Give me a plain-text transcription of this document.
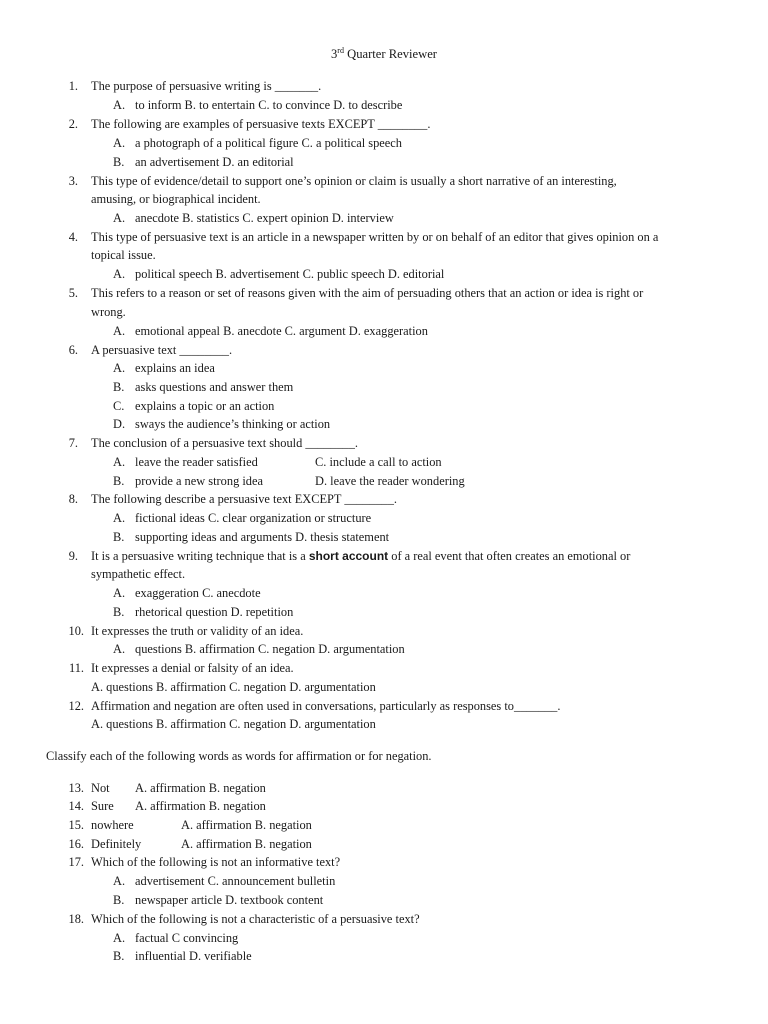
3rd Quarter Reviewer
1. The purpose of persuasive writing is _______.
A. to inform B. to entertain C. to convince D. to describe
2. The following are examples of persuasive texts EXCEPT ________.
A. a photograph of a political figure C. a political speech
B. an advertisement D. an editorial
3. This type of evidence/detail to support one’s opinion or claim is usually a short narrative of an interesting,
amusing, or biographical incident.
A. anecdote B. statistics C. expert opinion D. interview
4. This type of persuasive text is an article in a newspaper written by or on behalf of an editor that gives opinion on a
topical issue.
A. political speech B. advertisement C. public speech D. editorial
5. This refers to a reason or set of reasons given with the aim of persuading others that an action or idea is right or
wrong.
A. emotional appeal B. anecdote C. argument D. exaggeration
6. A persuasive text ________.
A. explains an idea
B. asks questions and answer them
C. explains a topic or an action
D. sways the audience’s thinking or action
7. The conclusion of a persuasive text should ________.
A. leave the reader satisfied	C. include a call to action
B. provide a new strong idea	D. leave the reader wondering
8. The following describe a persuasive text EXCEPT ________.
A. fictional ideas C. clear organization or structure
B. supporting ideas and arguments D. thesis statement
9. It is a persuasive writing technique that is a short account of a real event that often creates an emotional or
sympathetic effect.
A. exaggeration C. anecdote
B. rhetorical question D. repetition
10. It expresses the truth or validity of an idea.
A. questions B. affirmation C. negation D. argumentation
11. It expresses a denial or falsity of an idea.
A. questions B. affirmation C. negation D. argumentation
12. Affirmation and negation are often used in conversations, particularly as responses to_______.
A. questions B. affirmation C. negation D. argumentation
Classify each of the following words as words for affirmation or for negation.
13. Not A. affirmation B. negation
14. Sure A. affirmation B. negation
15. nowhere	A. affirmation B. negation
16. Definitely	A. affirmation B. negation
17. Which of the following is not an informative text?
A. advertisement C. announcement bulletin
B. newspaper article D. textbook content
18. Which of the following is not a characteristic of a persuasive text?
A. factual C convincing
B. influential D. verifiable
